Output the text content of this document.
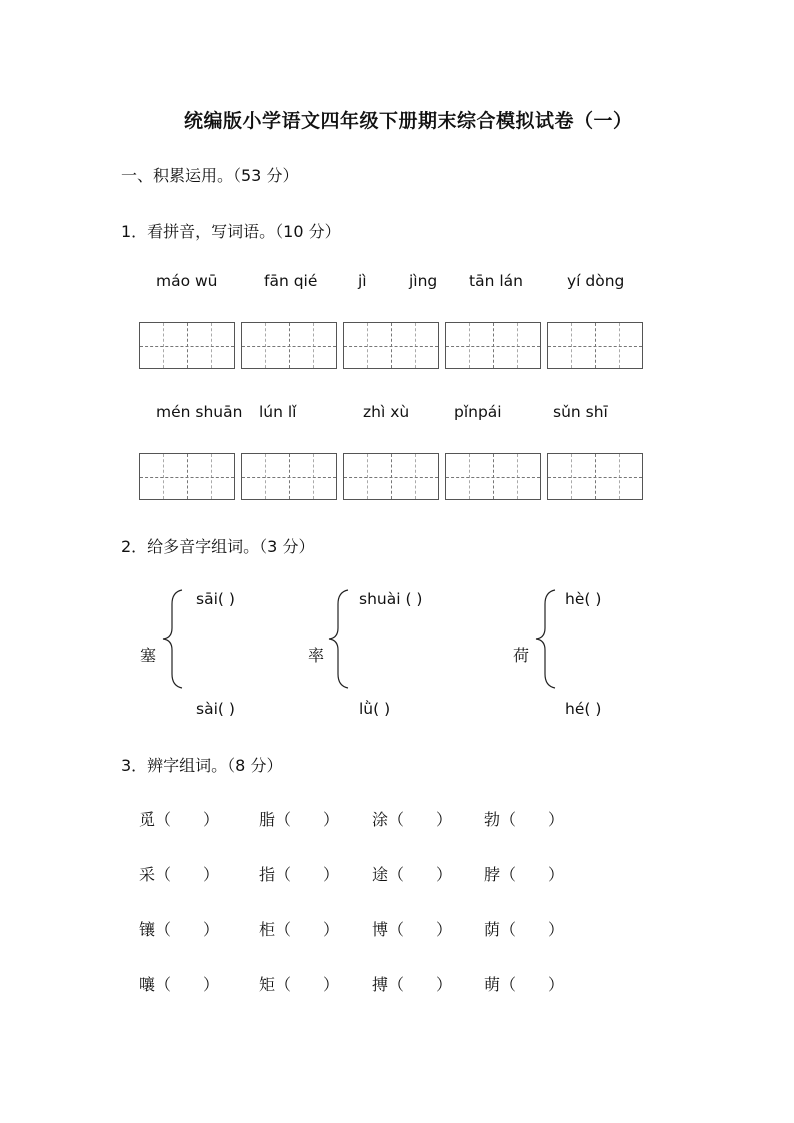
统编版小学语文四年级下册期末综合模拟试卷（一）
一、积累运用。（53 分）
1．看拼音，写词语。（10 分）
máo wū	fān qié	jì	jìng tān lán	yí dòng
mén shuān lún lǐ	zhì xù	pǐnpái	sǔn shī
2．给多音字组词。（3 分）
塞
sāi( )
sài( )
率
shuài ( )
lǜ( )
荷
hè( )
hé( )
3．辨字组词。（8 分）
觅（　　） 脂（　　） 涂（　　） 勃（　　）
采（　　） 指（　　） 途（　　） 脖（　　）
镶（　　） 柜（　　） 博（　　） 荫（　　）
嚷（　　） 矩（　　） 搏（　　） 萌（　　）
